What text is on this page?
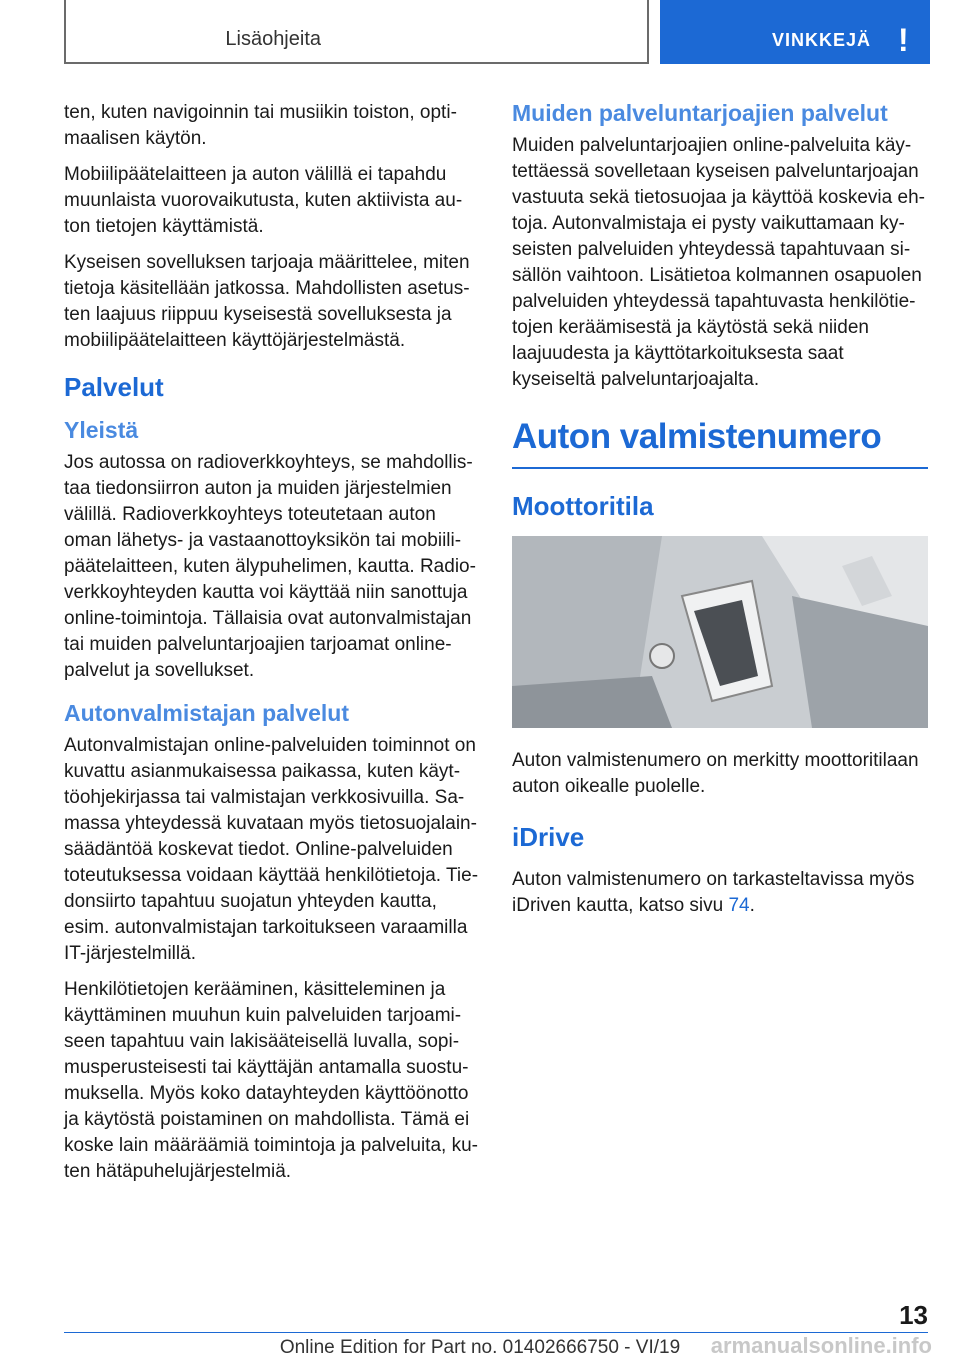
Lisäohjeita	VINKKEJÄ !

ten, kuten navigoinnin tai musiikin toiston, optimaalisen käytön.

Mobiilipäätelaitteen ja auton välillä ei tapahdu muunlaista vuorovaikutusta, kuten aktiivista auton tietojen käyttämistä.

Kyseisen sovelluksen tarjoaja määrittelee, miten tietoja käsitellään jatkossa. Mahdollisten asetusten laajuus riippuu kyseisestä sovelluksesta ja mobiilipäätelaitteen käyttöjärjestelmästä.

Palvelut
Yleistä

Jos autossa on radioverkkoyhteys, se mahdollistaa tiedonsiirron auton ja muiden järjestelmien välillä. Radioverkkoyhteys toteutetaan auton oman lähetys- ja vastaanottoyksikön tai mobiilipäätelaitteen, kuten älypuhelimen, kautta. Radioverkkoyhteyden kautta voi käyttää niin sanottuja online-toimintoja. Tällaisia ovat autonvalmistajan tai muiden palveluntarjoajien tarjoamat online-palvelut ja sovellukset.

Autonvalmistajan palvelut

Autonvalmistajan online-palveluiden toiminnot on kuvattu asianmukaisessa paikassa, kuten käyttöohjekirjassa tai valmistajan verkkosivuilla. Samassa yhteydessä kuvataan myös tietosuojalainsäädäntöä koskevat tiedot. Online-palveluiden toteutuksessa voidaan käyttää henkilötietoja. Tiedonsiirto tapahtuu suojatun yhteyden kautta, esim. autonvalmistajan tarkoitukseen varaamilla IT-järjestelmillä.

Henkilötietojen kerääminen, käsitteleminen ja käyttäminen muuhun kuin palveluiden tarjoamiseen tapahtuu vain lakisääteisellä luvalla, sopimusperusteisesti tai käyttäjän antamalla suostumuksella. Myös koko datayhteyden käyttöönotto ja käytöstä poistaminen on mahdollista. Tämä ei koske lain määräämiä toimintoja ja palveluita, kuten hätäpuhelujärjestelmiä.

Muiden palveluntarjoajien palvelut

Muiden palveluntarjoajien online-palveluita käytettäessä sovelletaan kyseisen palveluntarjoajan vastuuta sekä tietosuojaa ja käyttöä koskevia ehtoja. Autonvalmistaja ei pysty vaikuttamaan kyseisten palveluiden yhteydessä tapahtuvaan sisällön vaihtoon. Lisätietoa kolmannen osapuolen palveluiden yhteydessä tapahtuvasta henkilötietojen keräämisestä ja käytöstä sekä niiden laajuudesta ja käyttötarkoituksesta saat kyseiseltä palveluntarjoajalta.

Auton valmistenumero
Moottoritila

Auton valmistenumero on merkitty moottoritilaan auton oikealle puolelle.

iDrive

Auton valmistenumero on tarkasteltavissa myös iDriven kautta, katso sivu 74.

13
Online Edition for Part no. 01402666750 - VI/19	armanualsonline.info
